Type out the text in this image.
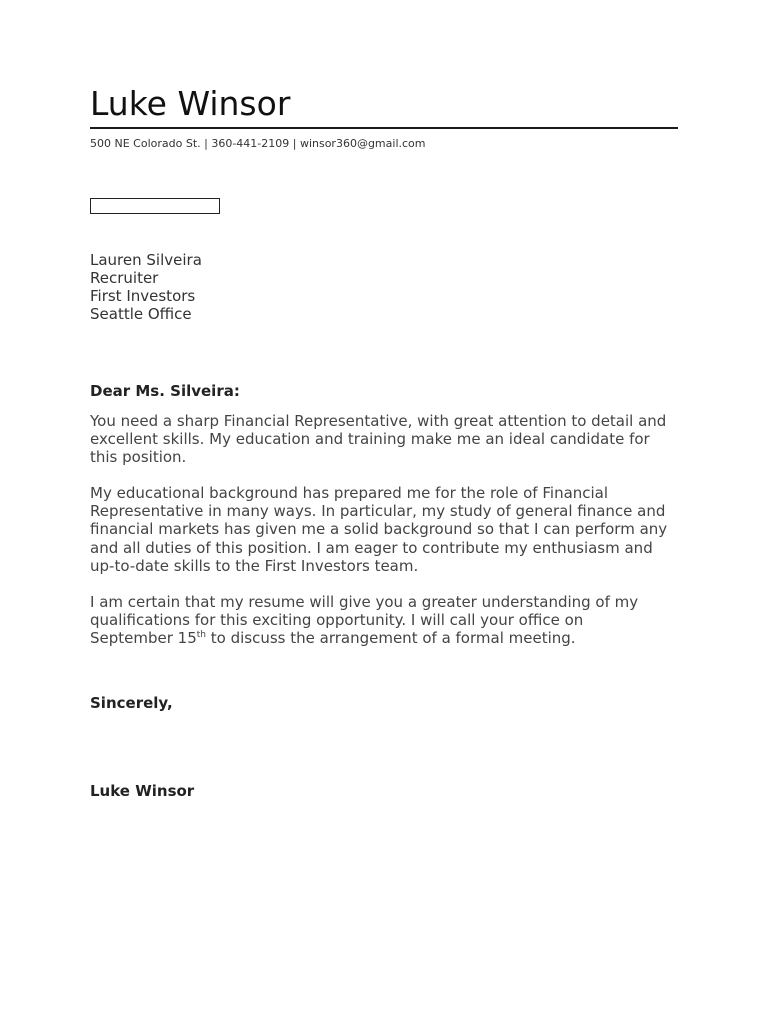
Luke Winsor
500 NE Colorado St. | 360-441-2109 | winsor360@gmail.com
Lauren Silveira
Recruiter
First Investors
Seattle Office
Dear Ms. Silveira:
You need a sharp Financial Representative, with great attention to detail and
excellent skills. My education and training make me an ideal candidate for
this position.
My educational background has prepared me for the role of Financial
Representative in many ways. In particular, my study of general finance and
financial markets has given me a solid background so that I can perform any
and all duties of this position. I am eager to contribute my enthusiasm and
up-to-date skills to the First Investors team.
I am certain that my resume will give you a greater understanding of my
qualifications for this exciting opportunity. I will call your office on
September 15th to discuss the arrangement of a formal meeting.
Sincerely,
Luke Winsor
